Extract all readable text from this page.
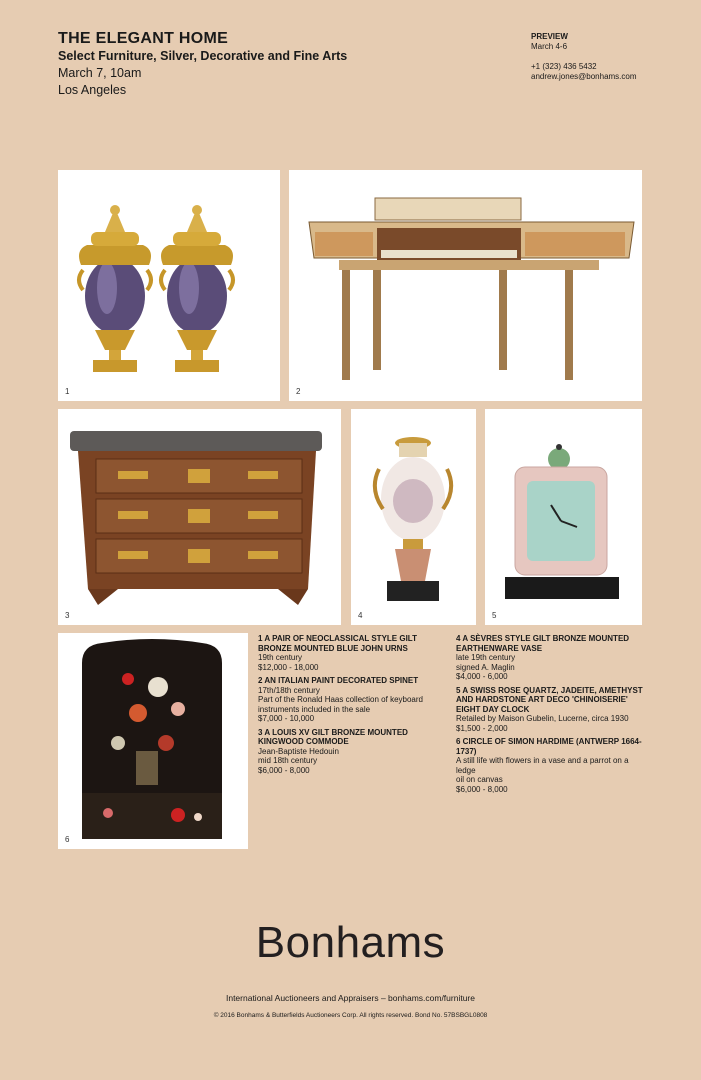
THE ELEGANT HOME
Select Furniture, Silver, Decorative and Fine Arts
March 7, 10am
Los Angeles
PREVIEW
March 4-6
+1 (323) 436 5432
andrew.jones@bonhams.com
1	2
3	4	5
6
1 A PAIR OF NEOCLASSICAL STYLE GILT BRONZE MOUNTED BLUE JOHN URNS
19th century
$12,000 - 18,000
2 AN ITALIAN PAINT DECORATED SPINET
17th/18th century
Part of the Ronald Haas collection of keyboard instruments included in the sale
$7,000 - 10,000
3 A LOUIS XV GILT BRONZE MOUNTED KINGWOOD COMMODE
Jean-Baptiste Hedouin
mid 18th century
$6,000 - 8,000
4 A SÈVRES STYLE GILT BRONZE MOUNTED EARTHENWARE VASE
late 19th century
signed A. Maglin
$4,000 - 6,000
5 A SWISS ROSE QUARTZ, JADEITE, AMETHYST AND HARDSTONE ART DECO 'CHINOISERIE' EIGHT DAY CLOCK
Retailed by Maison Gubelin, Lucerne, circa 1930
$1,500 - 2,000
6 CIRCLE OF SIMON HARDIME (ANTWERP 1664-1737)
A still life with flowers in a vase and a parrot on a ledge
oil on canvas
$6,000 - 8,000
Bonhams
International Auctioneers and Appraisers – bonhams.com/furniture
© 2016 Bonhams & Butterfields Auctioneers Corp. All rights reserved. Bond No. 57BSBGL0808
